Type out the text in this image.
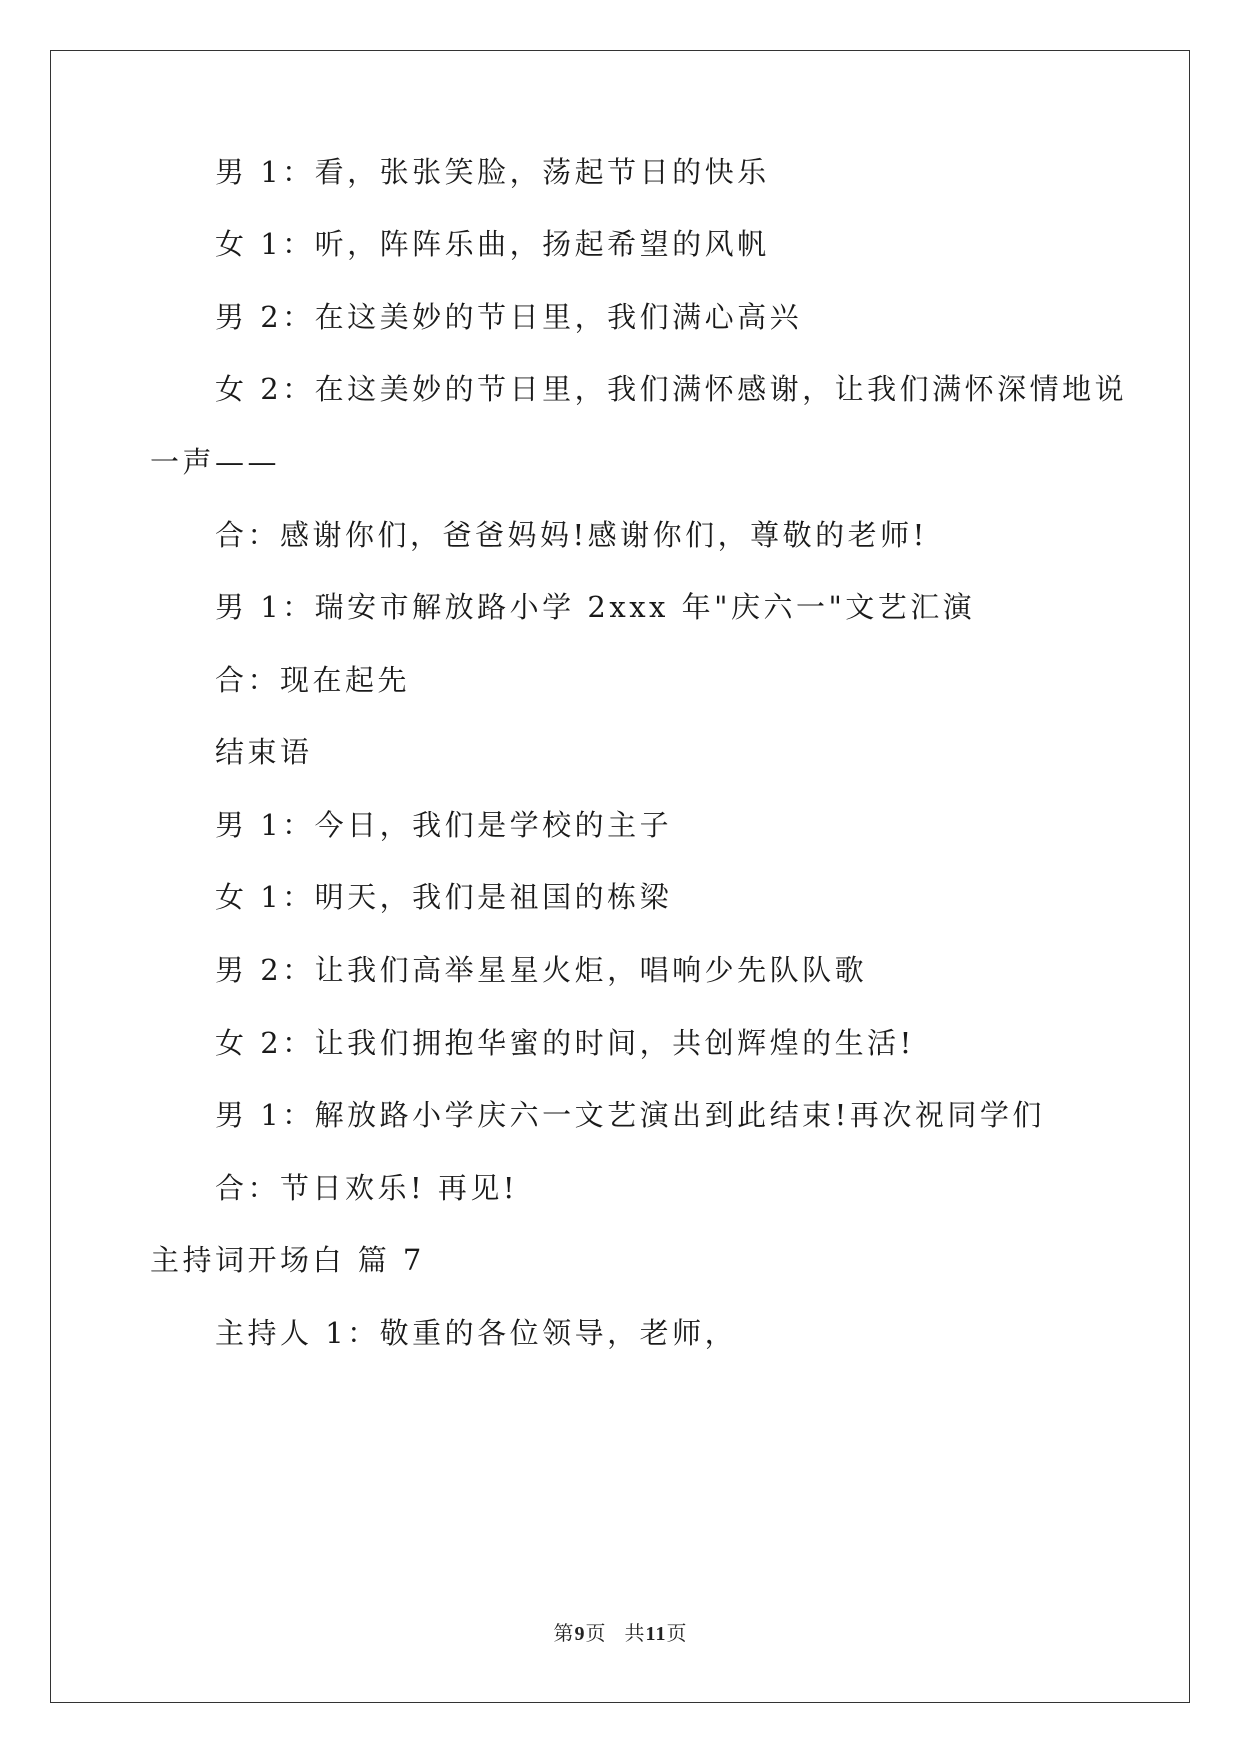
男 1：看，张张笑脸，荡起节日的快乐
女 1：听，阵阵乐曲，扬起希望的风帆
男 2：在这美妙的节日里，我们满心高兴
女 2：在这美妙的节日里，我们满怀感谢，让我们满怀深情地说
一声——
合：感谢你们，爸爸妈妈!感谢你们，尊敬的老师!
男 1：瑞安市解放路小学 2xxx 年"庆六一"文艺汇演
合：现在起先
结束语
男 1：今日，我们是学校的主子
女 1：明天，我们是祖国的栋梁
男 2：让我们高举星星火炬，唱响少先队队歌
女 2：让我们拥抱华蜜的时间，共创辉煌的生活!
男 1：解放路小学庆六一文艺演出到此结束!再次祝同学们
合：节日欢乐! 再见!
主持词开场白 篇 7
主持人 1：敬重的各位领导，老师，
第9页 共11页
